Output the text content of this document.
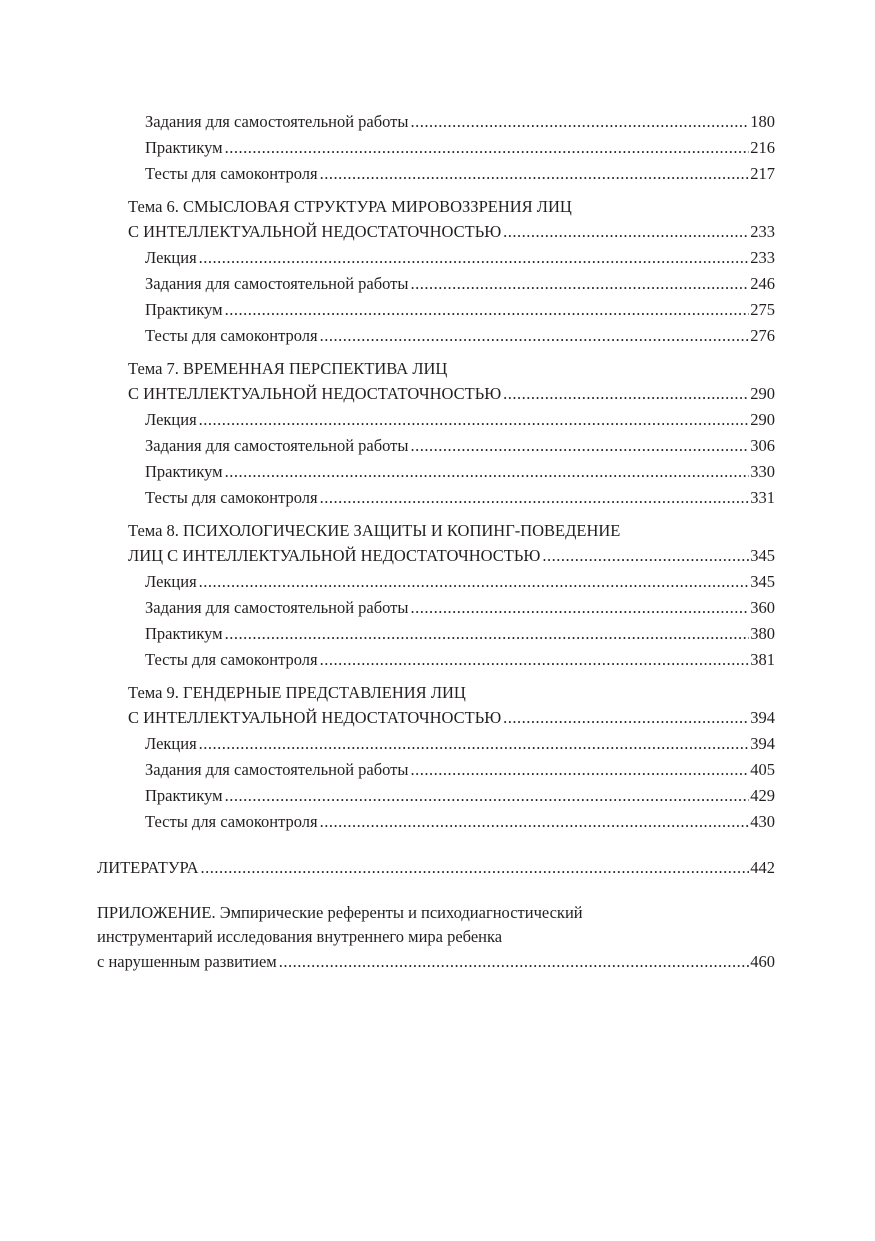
Задания для самостоятельной работы .....	180
Практикум .....	216
Тесты для самоконтроля .....	217
Тема 6. СМЫСЛОВАЯ СТРУКТУРА МИРОВОЗЗРЕНИЯ ЛИЦ
С ИНТЕЛЛЕКТУАЛЬНОЙ НЕДОСТАТОЧНОСТЬЮ .....	233
Лекция .....	233
Задания для самостоятельной работы .....	246
Практикум .....	275
Тесты для самоконтроля .....	276
Тема 7. ВРЕМЕННАЯ ПЕРСПЕКТИВА ЛИЦ
С ИНТЕЛЛЕКТУАЛЬНОЙ НЕДОСТАТОЧНОСТЬЮ .....	290
Лекция .....	290
Задания для самостоятельной работы .....	306
Практикум .....	330
Тесты для самоконтроля .....	331
Тема 8. ПСИХОЛОГИЧЕСКИЕ ЗАЩИТЫ И КОПИНГ-ПОВЕДЕНИЕ
ЛИЦ С ИНТЕЛЛЕКТУАЛЬНОЙ НЕДОСТАТОЧНОСТЬЮ .....	345
Лекция .....	345
Задания для самостоятельной работы .....	360
Практикум .....	380
Тесты для самоконтроля .....	381
Тема 9. ГЕНДЕРНЫЕ ПРЕДСТАВЛЕНИЯ ЛИЦ
С ИНТЕЛЛЕКТУАЛЬНОЙ НЕДОСТАТОЧНОСТЬЮ .....	394
Лекция .....	394
Задания для самостоятельной работы .....	405
Практикум .....	429
Тесты для самоконтроля .....	430
ЛИТЕРАТУРА .....	442
ПРИЛОЖЕНИЕ. Эмпирические референты и психодиагностический
инструментарий исследования внутреннего мира ребенка
с нарушенным развитием .....	460
